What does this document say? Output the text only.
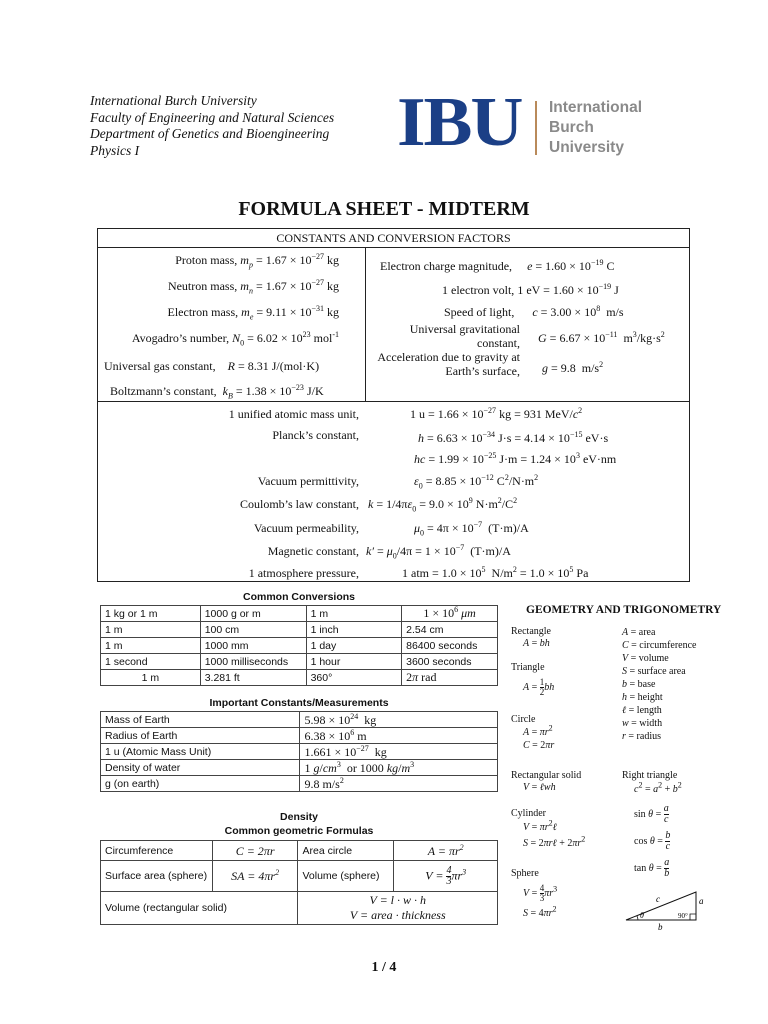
International Burch University
Faculty of Engineering and Natural Sciences
Department of Genetics and Bioengineering
Physics I	IBU International
Burch
University
FORMULA SHEET - MIDTERM
CONSTANTS AND CONVERSION FACTORS
Proton mass, $m_p = 1.67 \times 10^{-27}$ kg
Neutron mass, $m_n = 1.67 \times 10^{-27}$ kg
Electron mass, $m_e = 9.11 \times 10^{-31}$ kg
Avogadro’s number, $N_0 = 6.02 \times 10^{23}$ mol$^{-1}$
Universal gas constant, R = 8.31 J/(mol·K)
Boltzmann’s constant, $k_B = 1.38 \times 10^{-23}$ J/K
Electron charge magnitude, $e = 1.60 \times 10^{-19}$ C
1 electron volt, 1 eV = $1.60 \times 10^{-19}$ J
Speed of light, $c = 3.00 \times 10^8$  m/s
Universal gravitational constant, $G = 6.67 \times 10^{-11}$  $m^3/kg\cdot s^2$
Acceleration due to gravity at Earth’s surface, g = 9.8  $m/s^2$
1 unified atomic mass unit,	1 $u = 1.66 \times 10^{-27}$ kg = 931 MeV/$c^2$
Planck’s constant,	$h = 6.63 \times 10^{-34}$ $J\cdot s = 4.14 \times 10^{-15}$ eV·s
hc = $1.99 \times 10^{-25}$ $J\cdot m = 1.24 \times 10^3$ eV·nm
Vacuum permittivity,	$\varepsilon_0 = 8.85 \times 10^{-12}$ $C^2/N\cdot m^2$
Coulomb’s law constant, $k = 1/4\pi\varepsilon_0 = 9.0 \times 10^9$ $N\cdot m^2/C^2$
Vacuum permeability,	$\mu_0 = 4\pi \times 10^{-7}$  (T·m)/A
Magnetic constant, $k' = \mu_0/4\pi = 1 \times 10^{-7}$  (T·m)/A
1 atmosphere pressure,	1 atm = $1.0 \times 10^5$  $N/m^2 = 1.0 \times 10^5$ Pa
Common Conversions
1 kg or 1 m	1000 g or m	1 m	$1 \times 10^6$ μm
1 m	100 cm	1 inch	2.54 cm
1 m	1000 mm	1 day	86400 seconds
1 second	1000 milliseconds	1 hour	3600 seconds
1 m	3.281 ft	360°	2π rad
Important Constants/Measurements
Mass of Earth	$5.98 \times 10^{24}$  kg
Radius of Earth	$6.38 \times 10^6$ m
1 u (Atomic Mass Unit)	$1.661 \times 10^{-27}$  kg
Density of water	1 $g/cm^3$  or 1000 $kg/m^3$
g (on earth)	9.8 $m/s^2$
Density
Common geometric Formulas
Circumference	C = 2πr	Area circle	$A = \pi r^2$
Surface area (sphere)	SA = $4\pi r^2$	Volume (sphere)	$V = \frac{4}{3} \pi r^3$
Volume (rectangular solid)		V = l · w · h
V = area · thickness	
GEOMETRY AND TRIGONOMETRY
Rectangle
A = bh
Triangle
$A = \frac{1}{2}$ bh
Circle
$A = \pi r^2$
C = 2πr
Rectangular solid
V = ℓwh
Cylinder
$V = \pi r^2\ell$
S = 2πrℓ + $2\pi r^2$
Sphere
$V = \frac{4}{3} \pi r^3$
$S = 4\pi r^2$
A = area
C = circumference
V = volume
S = surface area
b = base
h = height
ℓ = length
w = width
r = radius
Right triangle
$c^2 = a^2 + b^2$
$\sin \theta = \frac{a}{c}$
$\cos \theta = \frac{b}{c}$
$\tan \theta = \frac{a}{b}$
θ	90°
c	a
b
1 / 4
